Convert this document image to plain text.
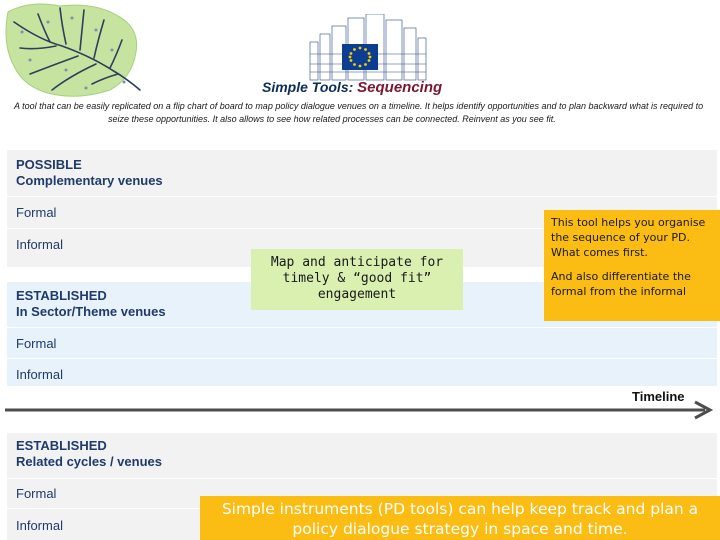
Simple Tools: Sequencing
A tool that can be easily replicated on a flip chart of board to map policy dialogue venues on a timeline. It helps identify opportunities and to plan backward what is required to
seize these opportunities. It also allows to see how related processes can be connected. Reinvent as you see fit.
POSSIBLE
Complementary venues
Formal
Informal
ESTABLISHED
In Sector/Theme venues
Formal
Informal
ESTABLISHED
Related cycles / venues
Formal
Informal
Map and anticipate for
timely & “good fit”
engagement

This tool helps you organise the sequence of your PD. What comes first.

And also differentiate the formal from the informal

Timeline
Simple instruments (PD tools) can help keep track and plan a policy dialogue strategy in space and time.
